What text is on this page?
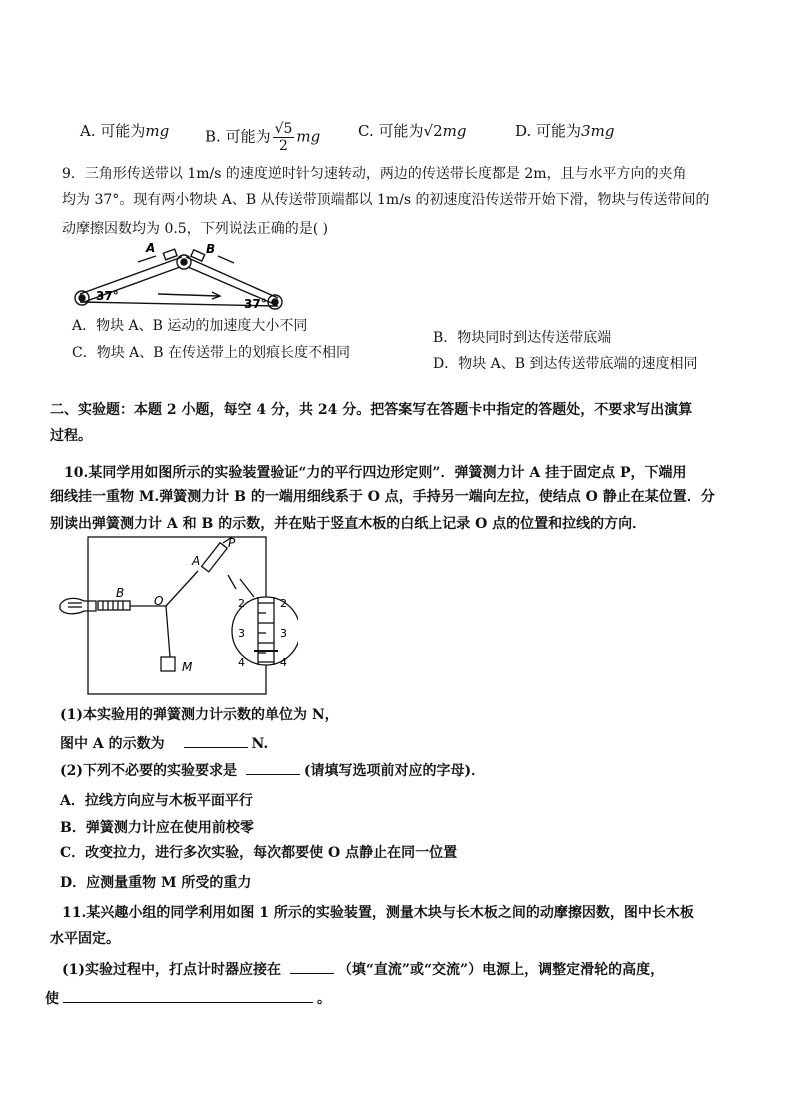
A. 可能为mg B. 可能为 $\frac{√5}{2}$ mg	C. 可能为√2mg	D. 可能为3mg
9．三角形传送带以 1m/s 的速度逆时针匀速转动，两边的传送带长度都是 2m，且与水平方向的夹角
均为 37°。现有两小物块 A、B 从传送带顶端都以 1m/s 的初速度沿传送带开始下滑，物块与传送带间的
动摩擦因数均为 0.5，下列说法正确的是( )
A	B
37°
37°
A．物块 A、B 运动的加速度大小不同
B．物块同时到达传送带底端
C．物块 A、B 在传送带上的划痕长度不相同
D．物块 A、B 到达传送带底端的速度相同
二、实验题：本题 2 小题，每空 4 分，共 24 分。把答案写在答题卡中指定的答题处，不要求写出演算
过程。
10.某同学用如图所示的实验装置验证“力的平行四边形定则”．弹簧测力计 A 挂于固定点 P，下端用
细线挂一重物 M.弹簧测力计 B 的一端用细线系于 O 点，手持另一端向左拉，使结点 O 静止在某位置．分
别读出弹簧测力计 A 和 B 的示数，并在贴于竖直木板的白纸上记录 O 点的位置和拉线的方向．
A
P
B
O
M
2
3
4
2
3
4
(1)本实验用的弹簧测力计示数的单位为 N，
图中 A 的示数为	N.
(2)下列不必要的实验要求是	(请填写选项前对应的字母)．
A．拉线方向应与木板平面平行
B．弹簧测力计应在使用前校零
C．改变拉力，进行多次实验，每次都要使 O 点静止在同一位置
D．应测量重物 M 所受的重力
11.某兴趣小组的同学利用如图 1 所示的实验装置，测量木块与长木板之间的动摩擦因数，图中长木板
水平固定。
(1)实验过程中，打点计时器应接在	（填“直流”或“交流”）电源上，调整定滑轮的高度，
使	。
